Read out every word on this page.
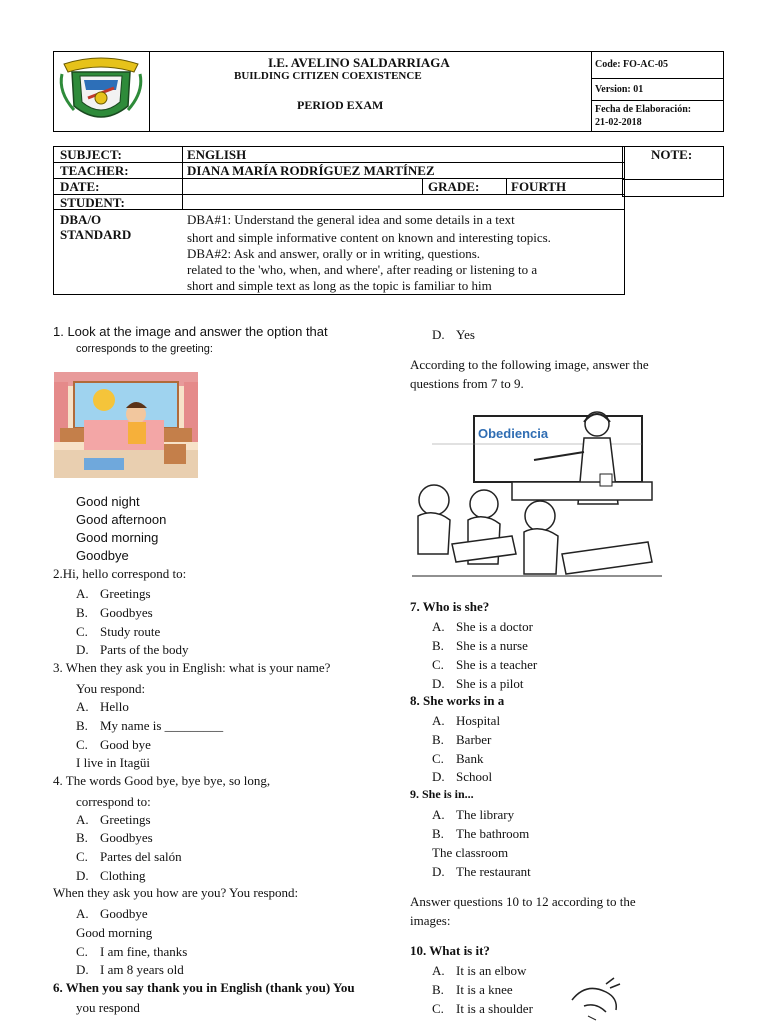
I.E. AVELINO SALDARRIAGA
BUILDING CITIZEN COEXISTENCE
PERIOD EXAM
Code: FO-AC-05
Version: 01
Fecha de Elaboración:
21-02-2018
SUBJECT:	ENGLISH
TEACHER:	DIANA MARÍA RODRÍGUEZ MARTÍNEZ
DATE:	GRADE: FOURTH
STUDENT:
DBA/O
STANDARD
DBA#1: Understand the general idea and some details in a text
short and simple informative content on known and interesting topics.
DBA#2: Ask and answer, orally or in writing, questions.
related to the 'who, when, and where', after reading or listening to a
short and simple text as long as the topic is familiar to him
NOTE:
1. Look at the image and answer the option that
corresponds to the greeting:
Good night
Good afternoon
Good morning
Goodbye
2.Hi, hello correspond to:
A. Greetings
B. Goodbyes
C. Study route
D. Parts of the body
3. When they ask you in English: what is your name?
You respond:
A. Hello
B. My name is _________
C. Good bye
I live in Itagüi
4. The words Good bye, bye bye, so long,
correspond to:
A. Greetings
B. Goodbyes
C. Partes del salón
D. Clothing
When they ask you how are you? You respond:
A. Goodbye
Good morning
C. I am fine, thanks
D. I am 8 years old
6. When you say thank you in English (thank you) You
you respond
D. Yes
According to the following image, answer the
questions from 7 to 9.
Obediencia
7. Who is she?
A. She is a doctor
B. She is a nurse
C. She is a teacher
D. She is a pilot
8. She works in a
A. Hospital
B. Barber
C. Bank
D. School
9. She is in...
A. The library
B. The bathroom
The classroom
D. The restaurant
Answer questions 10 to 12 according to the
images:
10. What is it?
A. It is an elbow
B. It is a knee
C. It is a shoulder
